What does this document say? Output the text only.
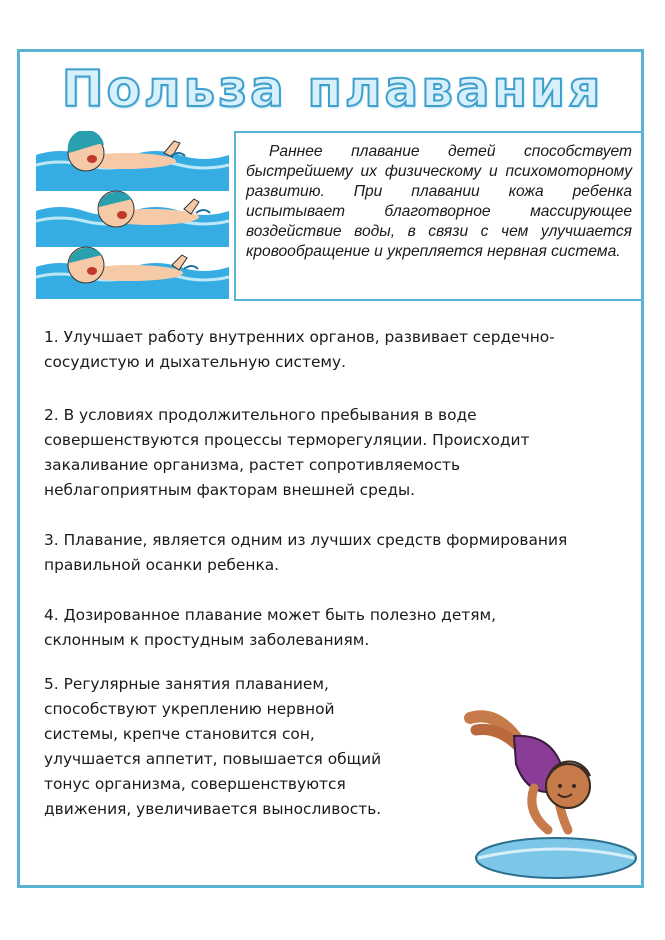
Польза плавания

Раннее плавание детей способствует быстрейшему их физическому и психомоторному развитию. При плавании кожа ребенка испытывает благотворное массирующее воздействие воды, в связи с чем улучшается кровообращение и укрепляется нервная система.

1. Улучшает работу внутренних органов, развивает сердечно-
сосудистую и дыхательную систему.
2. В условиях продолжительного пребывания в воде
совершенствуются процессы терморегуляции. Происходит
закаливание организма, растет сопротивляемость
неблагоприятным факторам внешней среды.
3. Плавание, является одним из лучших средств формирования
правильной осанки ребенка.
4. Дозированное плавание может быть полезно детям,
склонным к простудным заболеваниям.
5. Регулярные занятия плаванием,
способствуют укреплению нервной
системы, крепче становится сон,
улучшается аппетит, повышается общий
тонус организма, совершенствуются
движения, увеличивается выносливость.
